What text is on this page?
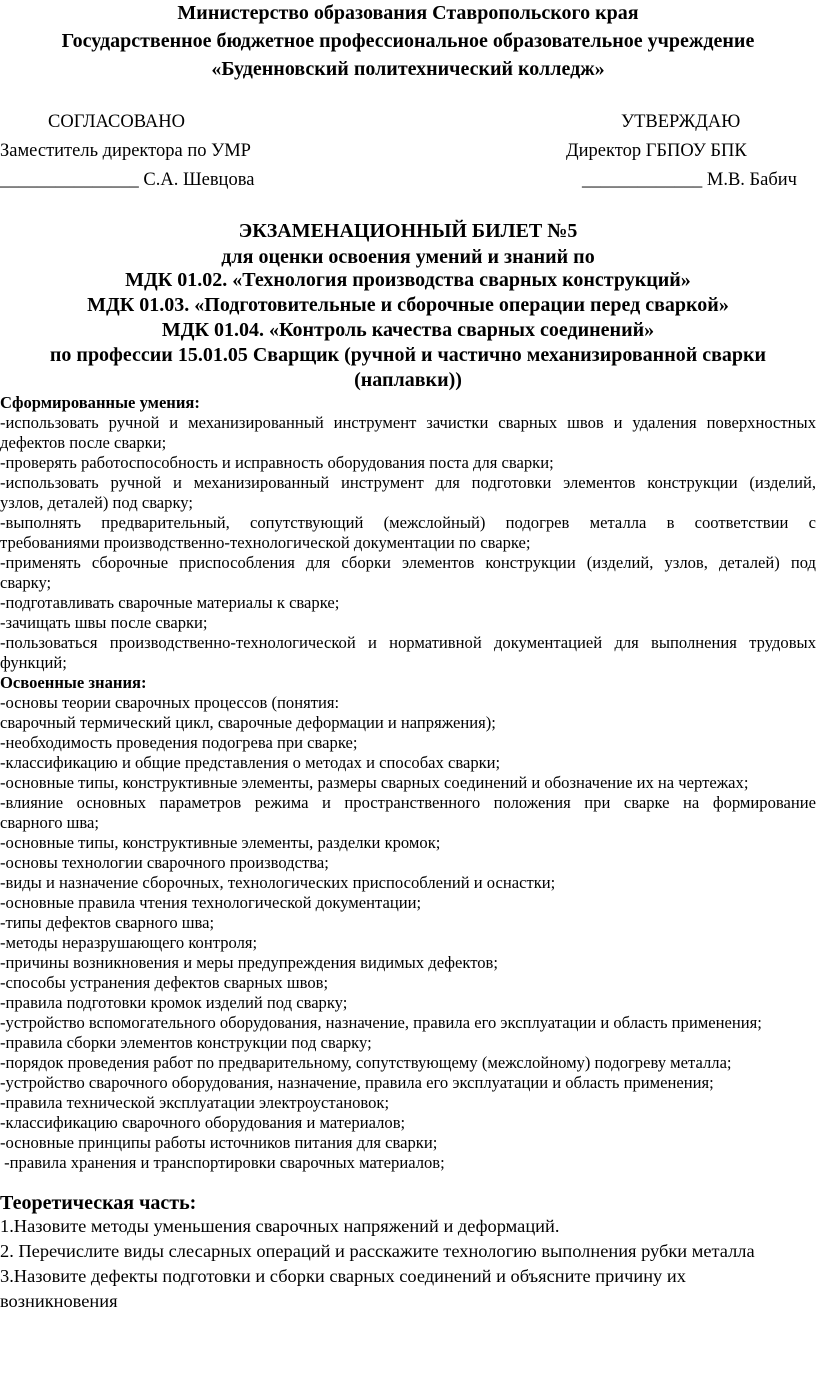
Министерство образования Ставропольского края
Государственное бюджетное профессиональное образовательное учреждение
«Буденновский политехнический колледж»
СОГЛАСОВАНО
Заместитель директора по УМР
_______________ С.А. Шевцова
УТВЕРЖДАЮ
Директор ГБПОУ БПК
_____________ М.В. Бабич
ЭКЗАМЕНАЦИОННЫЙ БИЛЕТ №5
для оценки освоения умений и знаний по
МДК 01.02. «Технология производства сварных конструкций»
МДК 01.03. «Подготовительные и сборочные операции перед сваркой»
МДК 01.04. «Контроль качества сварных соединений»
по профессии 15.01.05 Сварщик (ручной и частично механизированной сварки
(наплавки))
Сформированные умения:
-использовать ручной и механизированный инструмент зачистки сварных швов и удаления поверхностных
дефектов после сварки;
-проверять работоспособность и исправность оборудования поста для сварки;
-использовать ручной и механизированный инструмент для подготовки элементов конструкции (изделий,
узлов, деталей) под сварку;
-выполнять предварительный, сопутствующий (межслойный) подогрев металла в соответствии с
требованиями производственно-технологической документации по сварке;
-применять сборочные приспособления для сборки элементов конструкции (изделий, узлов, деталей) под
сварку;
-подготавливать сварочные материалы к сварке;
-зачищать швы после сварки;
-пользоваться производственно-технологической и нормативной документацией для выполнения трудовых
функций;
Освоенные знания:
-основы теории сварочных процессов (понятия:
сварочный термический цикл, сварочные деформации и напряжения);
-необходимость проведения подогрева при сварке;
-классификацию и общие представления о методах и способах сварки;
-основные типы, конструктивные элементы, размеры сварных соединений и обозначение их на чертежах;
-влияние основных параметров режима и пространственного положения при сварке на формирование
сварного шва;
-основные типы, конструктивные элементы, разделки кромок;
-основы технологии сварочного производства;
-виды и назначение сборочных, технологических приспособлений и оснастки;
-основные правила чтения технологической документации;
-типы дефектов сварного шва;
-методы неразрушающего контроля;
-причины возникновения и меры предупреждения видимых дефектов;
-способы устранения дефектов сварных швов;
-правила подготовки кромок изделий под сварку;
-устройство вспомогательного оборудования, назначение, правила его эксплуатации и область применения;
-правила сборки элементов конструкции под сварку;
-порядок проведения работ по предварительному, сопутствующему (межслойному) подогреву металла;
-устройство сварочного оборудования, назначение, правила его эксплуатации и область применения;
-правила технической эксплуатации электроустановок;
-классификацию сварочного оборудования и материалов;
-основные принципы работы источников питания для сварки;
-правила хранения и транспортировки сварочных материалов;
Теоретическая часть:
1.Назовите методы уменьшения сварочных напряжений и деформаций.
2. Перечислите виды слесарных операций и расскажите технологию выполнения рубки металла
3.Назовите дефекты подготовки и сборки сварных соединений и объясните причину их
возникновения
